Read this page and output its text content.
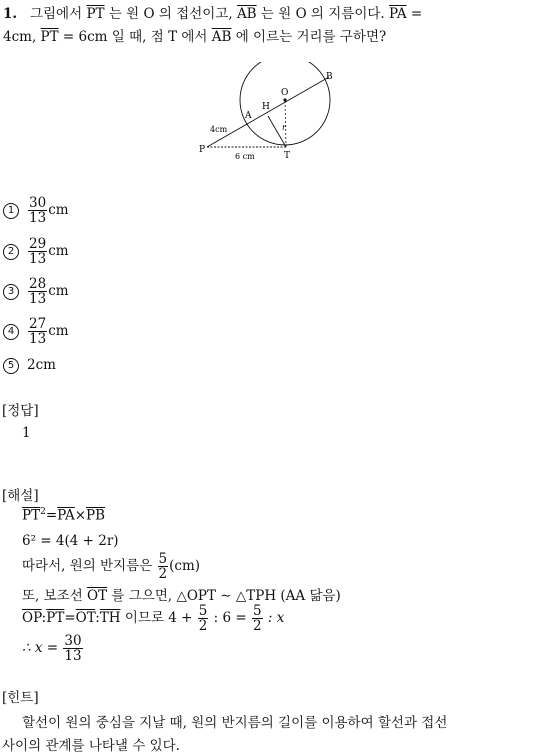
1. 그림에서 $\overline{PT}$ 는 원 O 의 접선이고, $\overline{AB}$ 는 원 O 의 지름이다. $\overline{PA}$ =
4cm, $\overline{PT} = 6cm$ 일 때, 점 T 에서 $\overline{AB}$ 에 이르는 거리를 구하면?
O
B
H
A
P
T
r
4cm
6 cm
$1 \frac{30}{13}$ cm
$2 \frac{29}{13}$ cm
$3 \frac{28}{13}$ cm
$4 \frac{27}{13}$ cm
5 2cm
[정답]
1
[해설]
$\overline{PT}^2=\overline{PA}\times\overline{PB}$
6² = 4(4 + 2r)
따라서, 원의 반지름은 $\frac{5}{2} (cm)$
또, 보조선 $\overline{OT}$ 를 그으면, △OPT ∼ △TPH (AA 닮음)
$\overline{OP}:\overline{PT}=\overline{OT}:\overline{TH}$ 이므로 $4 + \frac{5}{2}$ : $6 = \frac{5}{2}$ : x
∴ $x = \frac{30}{13}$
[힌트]
할선이 원의 중심을 지날 때, 원의 반지름의 길이를 이용하여 할선과 접선
사이의 관계를 나타낼 수 있다.
